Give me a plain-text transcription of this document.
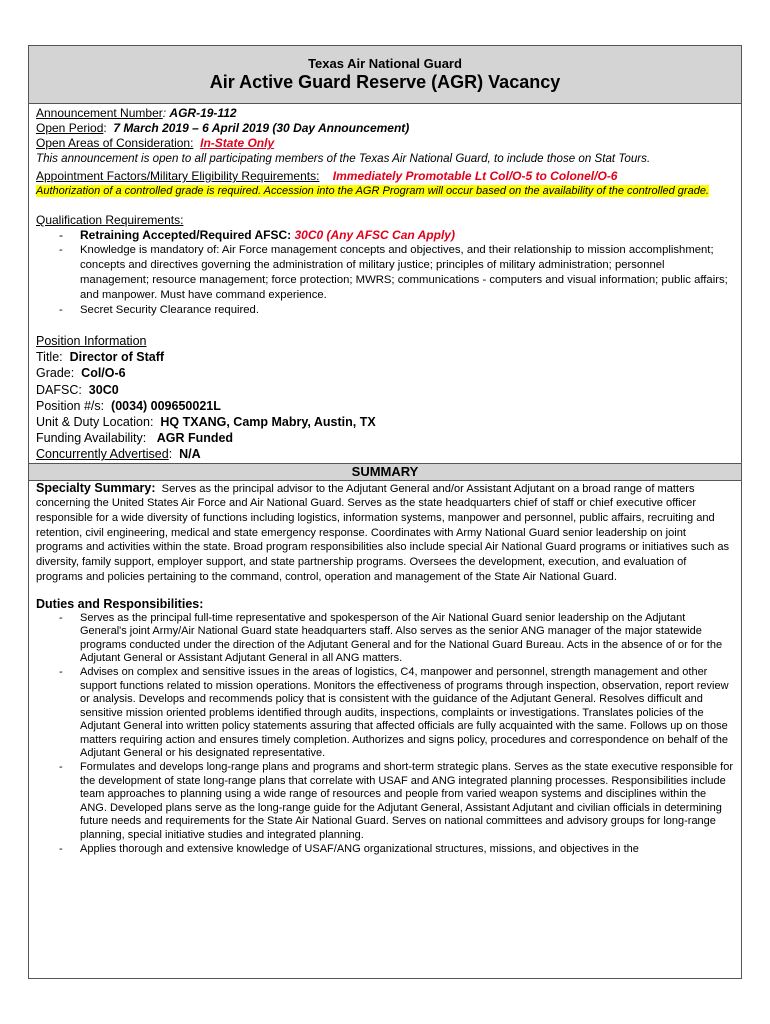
Texas Air National Guard
Air Active Guard Reserve (AGR) Vacancy
Announcement Number: AGR-19-112
Open Period:  7 March 2019 – 6 April 2019 (30 Day Announcement)
Open Areas of Consideration: In-State Only
This announcement is open to all participating members of the Texas Air National Guard, to include those on Stat Tours.
Appointment Factors/Military Eligibility Requirements: Immediately Promotable Lt Col/O-5 to Colonel/O-6
Authorization of a controlled grade is required. Accession into the AGR Program will occur based on the availability of the controlled grade.
Qualification Requirements:
- Retraining Accepted/Required AFSC: 30C0 (Any AFSC Can Apply)
- Knowledge is mandatory of: Air Force management concepts and objectives, and their relationship to mission accomplishment; concepts and directives governing the administration of military justice; principles of military administration; personnel management; resource management; force protection; MWRS; communications - computers and visual information; public affairs; and manpower. Must have command experience.
- Secret Security Clearance required.
Position Information
Title: Director of Staff
Grade: Col/O-6
DAFSC: 30C0
Position #/s: (0034) 009650021L
Unit & Duty Location: HQ TXANG, Camp Mabry, Austin, TX
Funding Availability: AGR Funded
Concurrently Advertised:  N/A
SUMMARY
Specialty Summary: Serves as the principal advisor to the Adjutant General and/or Assistant Adjutant on a broad range of matters concerning the United States Air Force and Air National Guard. Serves as the state headquarters chief of staff or chief executive officer responsible for a wide diversity of functions including logistics, information systems, manpower and personnel, public affairs, recruiting and retention, civil engineering, medical and state emergency response. Coordinates with Army National Guard senior leadership on joint programs and activities within the state. Broad program responsibilities also include special Air National Guard programs or initiatives such as diversity, family support, employer support, and state partnership programs. Oversees the development, execution, and evaluation of programs and policies pertaining to the command, control, operation and management of the State Air National Guard.
Duties and Responsibilities:
- Serves as the principal full-time representative and spokesperson of the Air National Guard senior leadership on the Adjutant General's joint Army/Air National Guard state headquarters staff. Also serves as the senior ANG manager of the major statewide programs conducted under the direction of the Adjutant General and for the National Guard Bureau. Acts in the absence of or for the Adjutant General or Assistant Adjutant General in all ANG matters.
- Advises on complex and sensitive issues in the areas of logistics, C4, manpower and personnel, strength management and other support functions related to mission operations. Monitors the effectiveness of programs through inspection, observation, report review or analysis. Develops and recommends policy that is consistent with the guidance of the Adjutant General. Resolves difficult and sensitive mission oriented problems identified through audits, inspections, complaints or investigations. Translates policies of the Adjutant General into written policy statements assuring that affected officials are fully acquainted with the same. Follows up on those matters requiring action and ensures timely completion. Authorizes and signs policy, procedures and correspondence on behalf of the Adjutant General or his designated representative.
- Formulates and develops long-range plans and programs and short-term strategic plans. Serves as the state executive responsible for the development of state long-range plans that correlate with USAF and ANG integrated planning processes. Responsibilities include team approaches to planning using a wide range of resources and people from varied weapon systems and disciplines within the ANG. Developed plans serve as the long-range guide for the Adjutant General, Assistant Adjutant and civilian officials in determining future needs and requirements for the State Air National Guard. Serves on national committees and advisory groups for long-range planning, special initiative studies and integrated planning.
- Applies thorough and extensive knowledge of USAF/ANG organizational structures, missions, and objectives in the
